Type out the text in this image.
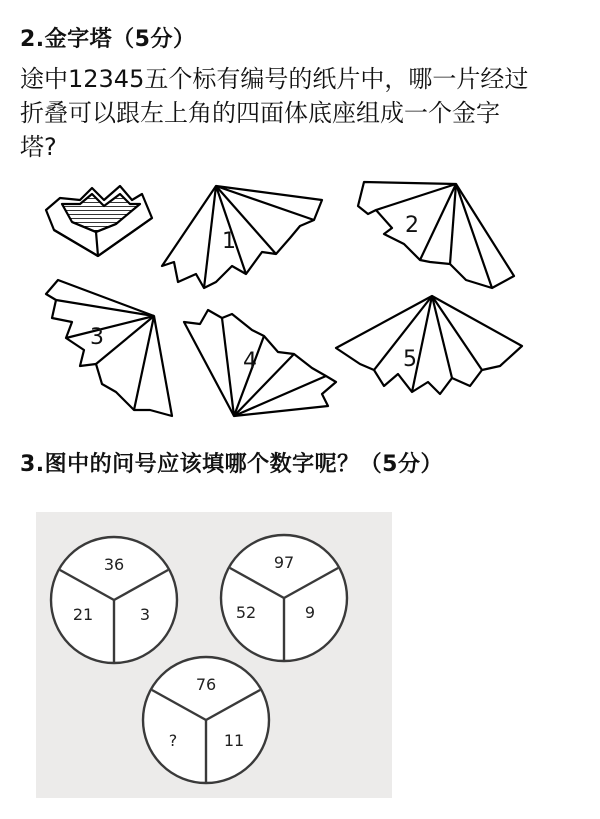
2.金字塔（5分）
途中12345五个标有编号的纸片中，哪一片经过
折叠可以跟左上角的四面体底座组成一个金字
塔?
1
2
3
4	5
3.图中的问号应该填哪个数字呢？（5分）
36
21	3
97
52	9
76
?	11
